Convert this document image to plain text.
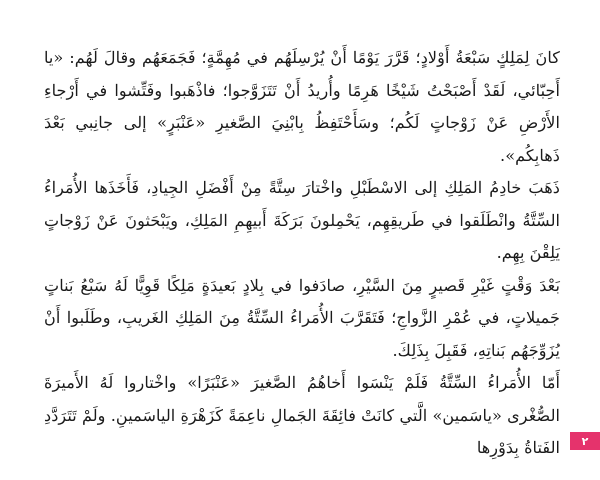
كانَ لِمَلِكٍ سَبْعَةُ أَوْلادٍ؛ قَرَّرَ يَوْمًا أَنْ يُرْسِلَهُم في مُهِمَّةٍ؛ فَجَمَعَهُم وقالَ لَهُم: «يا أَحِبّائي، لَقَدْ أَصْبَحْتُ شَيْخًا هَرِمًا وأُريدُ أَنْ تَتَزَوَّجوا؛ فاذْهَبوا وفَتِّشوا في أَرْجاءِ الأَرْضِ عَنْ زَوْجاتٍ لَكُم؛ وسَأَحْتَفِظُ بِابْنِيَ الصَّغيرِ «عَنْبَرٍ» إلى جانِبي بَعْدَ ذَهابِكُم».

ذَهَبَ خادِمُ المَلِكِ إلى الاسْطَبْلِ واخْتارَ سِتَّةً مِنْ أَفْضَلِ الجِيادِ، فَأَخَذَها الأُمَراءُ السِّتَّةُ وانْطَلَقوا في طَريقِهِم، يَحْمِلونَ بَرَكَةَ أَبيهِمِ المَلِكِ، ويَبْحَثونَ عَنْ زَوْجاتٍ يَلِقْنَ بِهِم.

بَعْدَ وَقْتٍ غَيْرِ قَصيرٍ مِنَ السَّيْرِ، صادَفوا في بِلادٍ بَعيدَةٍ مَلِكًا قَوِيًّا لَهُ سَبْعُ بَناتٍ جَميلاتٍ، في عُمْرِ الزَّواجِ؛ فَتَقَرَّبَ الأُمَراءُ السِّتَّةُ مِنَ المَلِكِ الغَريبِ، وطَلَبوا أَنْ يُزَوِّجَهُم بَناتِهِ، فَقَبِلَ بِذَلِكَ.

أَمّا الأُمَراءُ السِّتَّةُ فَلَمْ يَنْسَوا أَخاهُمُ الصَّغيرَ «عَنْبَرًا» واخْتاروا لَهُ الأَميرَةَ الصُّغْرى «ياسَمين» الَّتي كانَتْ فائِقَةَ الجَمالِ ناعِمَةً كَزَهْرَةِ الياسَمينِ. ولَمْ تَتَرَدَّدِ الفَتاةُ بِدَوْرِها ٢
